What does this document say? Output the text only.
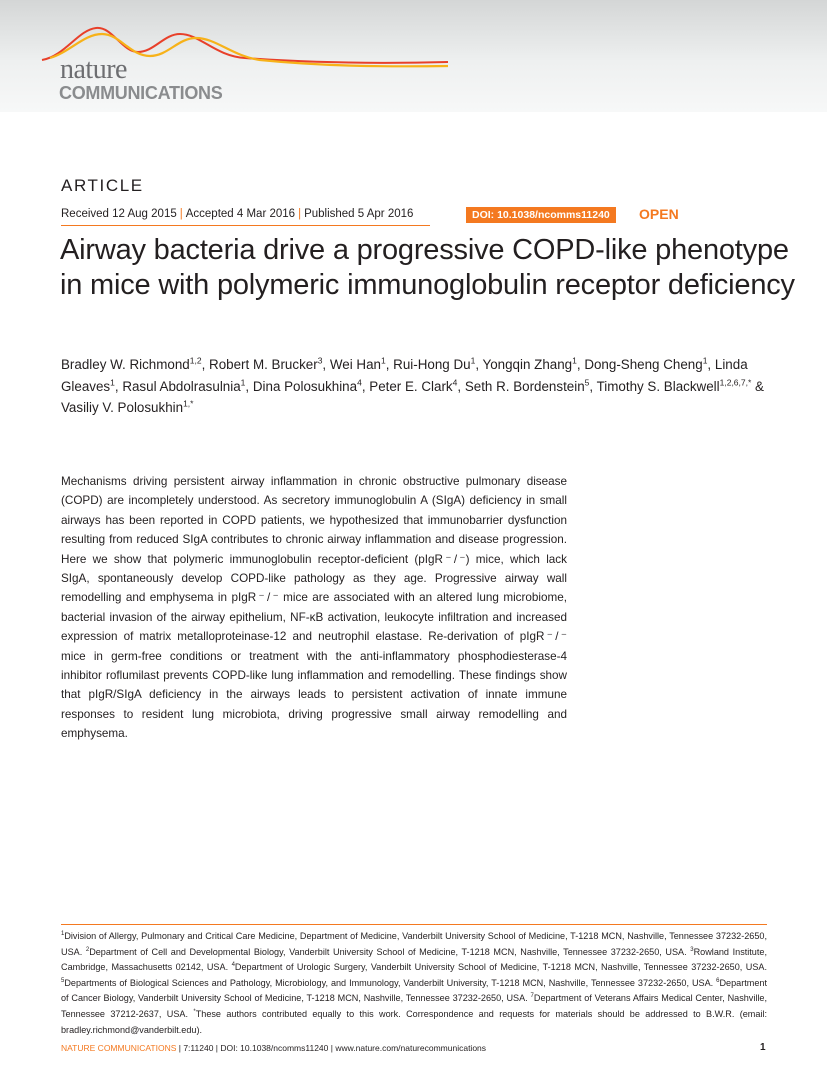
nature
COMMUNICATIONS
ARTICLE
Received 12 Aug 2015 | Accepted 4 Mar 2016 | Published 5 Apr 2016	DOI: 10.1038/ncomms11240	OPEN
Airway bacteria drive a progressive COPD-like phenotype in mice with polymeric immunoglobulin receptor deficiency
Bradley W. Richmond$^{1,2}$, Robert M. Brucker$^3$, Wei Han$^1$, Rui-Hong Du$^1$, Yongqin Zhang$^1$, Dong-Sheng Cheng$^1$, Linda Gleaves$^1$, Rasul Abdolrasulnia$^1$, Dina Polosukhina$^4$, Peter E. Clark$^4$, Seth R. Bordenstein$^5$, Timothy S. Blackwell$^{1,2,6,7,*}$ & Vasiliy V. Polosukhin$^{1,*}$
Mechanisms driving persistent airway inflammation in chronic obstructive pulmonary disease (COPD) are incompletely understood. As secretory immunoglobulin A (SIgA) deficiency in small airways has been reported in COPD patients, we hypothesized that immunobarrier dysfunction resulting from reduced SIgA contributes to chronic airway inflammation and disease progression. Here we show that polymeric immunoglobulin receptor-deficient (pIgR ⁻ / ⁻) mice, which lack SIgA, spontaneously develop COPD-like pathology as they age. Progressive airway wall remodelling and emphysema in pIgR ⁻ / ⁻ mice are associated with an altered lung microbiome, bacterial invasion of the airway epithelium, NF-κB activation, leukocyte infiltration and increased expression of matrix metalloproteinase-12 and neutrophil elastase. Re-derivation of pIgR ⁻ / ⁻ mice in germ-free conditions or treatment with the anti-inflammatory phosphodiesterase-4 inhibitor roflumilast prevents COPD-like lung inflammation and remodelling. These findings show that pIgR/SIgA deficiency in the airways leads to persistent activation of innate immune responses to resident lung microbiota, driving progressive small airway remodelling and emphysema.
$^1$Division of Allergy, Pulmonary and Critical Care Medicine, Department of Medicine, Vanderbilt University School of Medicine, T-1218 MCN, Nashville, Tennessee 37232-2650, USA. $^2$Department of Cell and Developmental Biology, Vanderbilt University School of Medicine, T-1218 MCN, Nashville, Tennessee 37232-2650, USA. $^3$Rowland Institute, Cambridge, Massachusetts 02142, USA. $^4$Department of Urologic Surgery, Vanderbilt University School of Medicine, T-1218 MCN, Nashville, Tennessee 37232-2650, USA. $^5$Departments of Biological Sciences and Pathology, Microbiology, and Immunology, Vanderbilt University, T-1218 MCN, Nashville, Tennessee 37232-2650, USA. $^6$Department of Cancer Biology, Vanderbilt University School of Medicine, T-1218 MCN, Nashville, Tennessee 37232-2650, USA. $^7$Department of Veterans Affairs Medical Center, Nashville, Tennessee 37212-2637, USA. *These authors contributed equally to this work. Correspondence and requests for materials should be addressed to B.W.R. (email: bradley.richmond@vanderbilt.edu).
NATURE COMMUNICATIONS | 7:11240 | DOI: 10.1038/ncomms11240 | www.nature.com/naturecommunications	1
